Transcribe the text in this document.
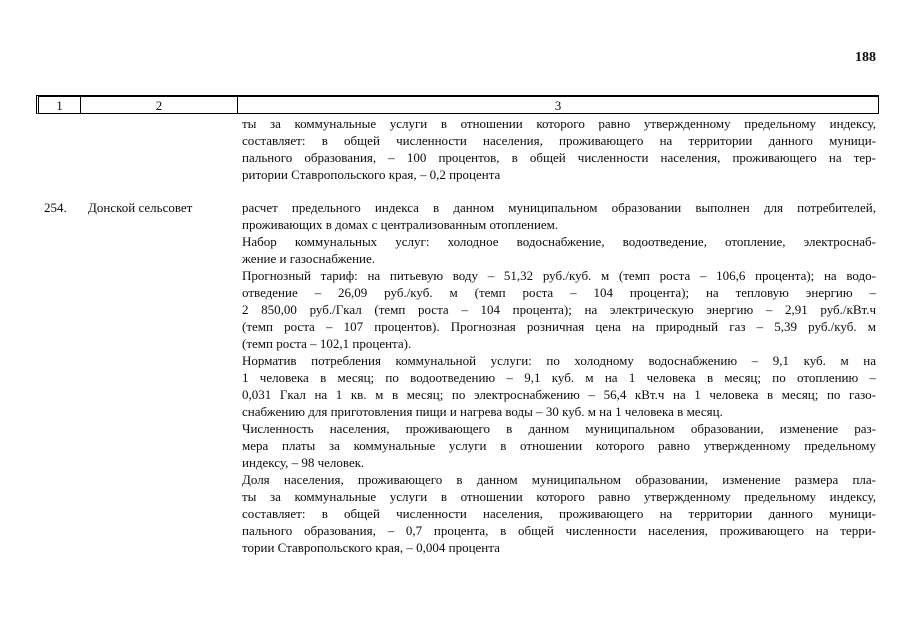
188
1	2	3
ты за коммунальные услуги в отношении которого равно утвержденному предельному индексу,
составляет: в общей численности населения, проживающего на территории данного муници-
пального образования, – 100 процентов, в общей численности населения, проживающего на тер-
ритории Ставропольского края, – 0,2 процента
254. Донской сельсовет	расчет предельного индекса в данном муниципальном образовании выполнен для потребителей,
проживающих в домах с централизованным отоплением.
Набор коммунальных услуг: холодное водоснабжение, водоотведение, отопление, электроснаб-
жение и газоснабжение.
Прогнозный тариф: на питьевую воду – 51,32 руб./куб. м (темп роста – 106,6 процента); на водо-
отведение – 26,09 руб./куб. м (темп роста – 104 процента); на тепловую энергию –
2 850,00 руб./Гкал (темп роста – 104 процента); на электрическую энергию – 2,91 руб./кВт.ч
(темп роста – 107 процентов). Прогнозная розничная цена на природный газ – 5,39 руб./куб. м
(темп роста – 102,1 процента).
Норматив потребления коммунальной услуги: по холодному водоснабжению – 9,1 куб. м на
1 человека в месяц; по водоотведению – 9,1 куб. м на 1 человека в месяц; по отоплению –
0,031 Гкал на 1 кв. м в месяц; по электроснабжению – 56,4 кВт.ч на 1 человека в месяц; по газо-
снабжению для приготовления пищи и нагрева воды – 30 куб. м на 1 человека в месяц.
Численность населения, проживающего в данном муниципальном образовании, изменение раз-
мера платы за коммунальные услуги в отношении которого равно утвержденному предельному
индексу, – 98 человек.
Доля населения, проживающего в данном муниципальном образовании, изменение размера пла-
ты за коммунальные услуги в отношении которого равно утвержденному предельному индексу,
составляет: в общей численности населения, проживающего на территории данного муници-
пального образования, – 0,7 процента, в общей численности населения, проживающего на терри-
тории Ставропольского края, – 0,004 процента
